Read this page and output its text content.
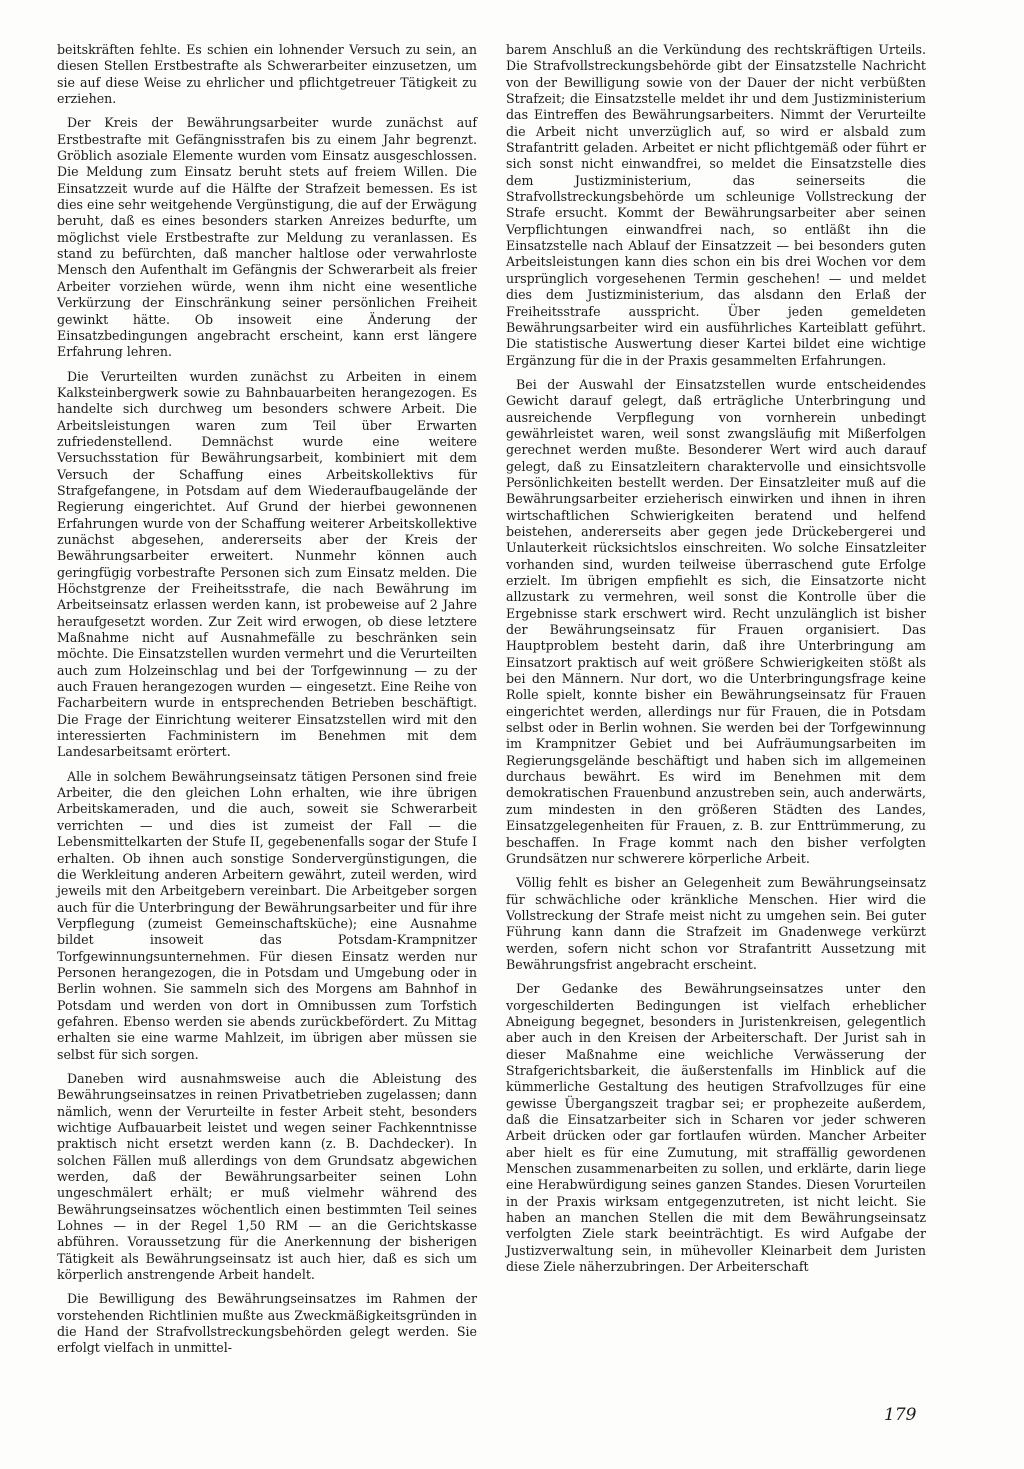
beitskräften fehlte. Es schien ein lohnender Versuch zu sein, an diesen Stellen Erstbestrafte als Schwerarbeiter einzusetzen, um sie auf diese Weise zu ehrlicher und pflichtgetreuer Tätigkeit zu erziehen.

Der Kreis der Bewährungsarbeiter wurde zunächst auf Erstbestrafte mit Gefängnisstrafen bis zu einem Jahr begrenzt. Gröblich asoziale Elemente wurden vom Einsatz ausgeschlossen. Die Meldung zum Einsatz beruht stets auf freiem Willen. Die Einsatzzeit wurde auf die Hälfte der Strafzeit bemessen. Es ist dies eine sehr weitgehende Vergünstigung, die auf der Erwägung beruht, daß es eines besonders starken Anreizes bedurfte, um möglichst viele Erstbestrafte zur Meldung zu veranlassen. Es stand zu befürchten, daß mancher haltlose oder verwahrloste Mensch den Aufenthalt im Gefängnis der Schwerarbeit als freier Arbeiter vorziehen würde, wenn ihm nicht eine wesentliche Verkürzung der Einschränkung seiner persönlichen Freiheit gewinkt hätte. Ob insoweit eine Änderung der Einsatzbedingungen angebracht erscheint, kann erst längere Erfahrung lehren.

Die Verurteilten wurden zunächst zu Arbeiten in einem Kalksteinbergwerk sowie zu Bahnbauarbeiten herangezogen. Es handelte sich durchweg um besonders schwere Arbeit. Die Arbeitsleistungen waren zum Teil über Erwarten zufriedenstellend. Demnächst wurde eine weitere Versuchsstation für Bewährungsarbeit, kombiniert mit dem Versuch der Schaffung eines Arbeitskollektivs für Strafgefangene, in Potsdam auf dem Wiederaufbaugelände der Regierung eingerichtet. Auf Grund der hierbei gewonnenen Erfahrungen wurde von der Schaffung weiterer Arbeitskollektive zunächst abgesehen, andererseits aber der Kreis der Bewährungsarbeiter erweitert. Nunmehr können auch geringfügig vorbestrafte Personen sich zum Einsatz melden. Die Höchstgrenze der Freiheitsstrafe, die nach Bewährung im Arbeitseinsatz erlassen werden kann, ist probeweise auf 2 Jahre heraufgesetzt worden. Zur Zeit wird erwogen, ob diese letztere Maßnahme nicht auf Ausnahmefälle zu beschränken sein möchte. Die Einsatzstellen wurden vermehrt und die Verurteilten auch zum Holzeinschlag und bei der Torfgewinnung — zu der auch Frauen herangezogen wurden — eingesetzt. Eine Reihe von Facharbeitern wurde in entsprechenden Betrieben beschäftigt. Die Frage der Einrichtung weiterer Einsatzstellen wird mit den interessierten Fachministern im Benehmen mit dem Landesarbeitsamt erörtert.

Alle in solchem Bewährungseinsatz tätigen Personen sind freie Arbeiter, die den gleichen Lohn erhalten, wie ihre übrigen Arbeitskameraden, und die auch, soweit sie Schwerarbeit verrichten — und dies ist zumeist der Fall — die Lebensmittelkarten der Stufe II, gegebenenfalls sogar der Stufe I erhalten. Ob ihnen auch sonstige Sondervergünstigungen, die die Werkleitung anderen Arbeitern gewährt, zuteil werden, wird jeweils mit den Arbeitgebern vereinbart. Die Arbeitgeber sorgen auch für die Unterbringung der Bewährungsarbeiter und für ihre Verpflegung (zumeist Gemeinschaftsküche); eine Ausnahme bildet insoweit das Potsdam-Krampnitzer Torfgewinnungsunternehmen. Für diesen Einsatz werden nur Personen herangezogen, die in Potsdam und Umgebung oder in Berlin wohnen. Sie sammeln sich des Morgens am Bahnhof in Potsdam und werden von dort in Omnibussen zum Torfstich gefahren. Ebenso werden sie abends zurückbefördert. Zu Mittag erhalten sie eine warme Mahlzeit, im übrigen aber müssen sie selbst für sich sorgen.

Daneben wird ausnahmsweise auch die Ableistung des Bewährungseinsatzes in reinen Privatbetrieben zugelassen; dann nämlich, wenn der Verurteilte in fester Arbeit steht, besonders wichtige Aufbauarbeit leistet und wegen seiner Fachkenntnisse praktisch nicht ersetzt werden kann (z. B. Dachdecker). In solchen Fällen muß allerdings von dem Grundsatz abgewichen werden, daß der Bewährungsarbeiter seinen Lohn ungeschmälert erhält; er muß vielmehr während des Bewährungseinsatzes wöchentlich einen bestimmten Teil seines Lohnes — in der Regel 1,50 RM — an die Gerichtskasse abführen. Voraussetzung für die Anerkennung der bisherigen Tätigkeit als Bewährungseinsatz ist auch hier, daß es sich um körperlich anstrengende Arbeit handelt.

Die Bewilligung des Bewährungseinsatzes im Rahmen der vorstehenden Richtlinien mußte aus Zweckmäßigkeitsgründen in die Hand der Strafvollstreckungsbehörden gelegt werden. Sie erfolgt vielfach in unmittel-

barem Anschluß an die Verkündung des rechtskräftigen Urteils. Die Strafvollstreckungsbehörde gibt der Einsatzstelle Nachricht von der Bewilligung sowie von der Dauer der nicht verbüßten Strafzeit; die Einsatzstelle meldet ihr und dem Justizministerium das Eintreffen des Bewährungsarbeiters. Nimmt der Verurteilte die Arbeit nicht unverzüglich auf, so wird er alsbald zum Strafantritt geladen. Arbeitet er nicht pflichtgemäß oder führt er sich sonst nicht einwandfrei, so meldet die Einsatzstelle dies dem Justizministerium, das seinerseits die Strafvollstreckungsbehörde um schleunige Vollstreckung der Strafe ersucht. Kommt der Bewährungsarbeiter aber seinen Verpflichtungen einwandfrei nach, so entläßt ihn die Einsatzstelle nach Ablauf der Einsatzzeit — bei besonders guten Arbeitsleistungen kann dies schon ein bis drei Wochen vor dem ursprünglich vorgesehenen Termin geschehen! — und meldet dies dem Justizministerium, das alsdann den Erlaß der Freiheitsstrafe ausspricht. Über jeden gemeldeten Bewährungsarbeiter wird ein ausführliches Karteiblatt geführt. Die statistische Auswertung dieser Kartei bildet eine wichtige Ergänzung für die in der Praxis gesammelten Erfahrungen.

Bei der Auswahl der Einsatzstellen wurde entscheidendes Gewicht darauf gelegt, daß erträgliche Unterbringung und ausreichende Verpflegung von vornherein unbedingt gewährleistet waren, weil sonst zwangsläufig mit Mißerfolgen gerechnet werden mußte. Besonderer Wert wird auch darauf gelegt, daß zu Einsatzleitern charaktervolle und einsichtsvolle Persönlichkeiten bestellt werden. Der Einsatzleiter muß auf die Bewährungsarbeiter erzieherisch einwirken und ihnen in ihren wirtschaftlichen Schwierigkeiten beratend und helfend beistehen, andererseits aber gegen jede Drückebergerei und Unlauterkeit rücksichtslos einschreiten. Wo solche Einsatzleiter vorhanden sind, wurden teilweise überraschend gute Erfolge erzielt. Im übrigen empfiehlt es sich, die Einsatzorte nicht allzustark zu vermehren, weil sonst die Kontrolle über die Ergebnisse stark erschwert wird. Recht unzulänglich ist bisher der Bewährungseinsatz für Frauen organisiert. Das Hauptproblem besteht darin, daß ihre Unterbringung am Einsatzort praktisch auf weit größere Schwierigkeiten stößt als bei den Männern. Nur dort, wo die Unterbringungsfrage keine Rolle spielt, konnte bisher ein Bewährungseinsatz für Frauen eingerichtet werden, allerdings nur für Frauen, die in Potsdam selbst oder in Berlin wohnen. Sie werden bei der Torfgewinnung im Krampnitzer Gebiet und bei Aufräumungsarbeiten im Regierungsgelände beschäftigt und haben sich im allgemeinen durchaus bewährt. Es wird im Benehmen mit dem demokratischen Frauenbund anzustreben sein, auch anderwärts, zum mindesten in den größeren Städten des Landes, Einsatzgelegenheiten für Frauen, z. B. zur Enttrümmerung, zu beschaffen. In Frage kommt nach den bisher verfolgten Grundsätzen nur schwerere körperliche Arbeit.

Völlig fehlt es bisher an Gelegenheit zum Bewährungseinsatz für schwächliche oder kränkliche Menschen. Hier wird die Vollstreckung der Strafe meist nicht zu umgehen sein. Bei guter Führung kann dann die Strafzeit im Gnadenwege verkürzt werden, sofern nicht schon vor Strafantritt Aussetzung mit Bewährungsfrist angebracht erscheint.

Der Gedanke des Bewährungseinsatzes unter den vorgeschilderten Bedingungen ist vielfach erheblicher Abneigung begegnet, besonders in Juristenkreisen, gelegentlich aber auch in den Kreisen der Arbeiterschaft. Der Jurist sah in dieser Maßnahme eine weichliche Verwässerung der Strafgerichtsbarkeit, die äußerstenfalls im Hinblick auf die kümmerliche Gestaltung des heutigen Strafvollzuges für eine gewisse Übergangszeit tragbar sei; er prophezeite außerdem, daß die Einsatzarbeiter sich in Scharen vor jeder schweren Arbeit drücken oder gar fortlaufen würden. Mancher Arbeiter aber hielt es für eine Zumutung, mit straffällig gewordenen Menschen zusammenarbeiten zu sollen, und erklärte, darin liege eine Herabwürdigung seines ganzen Standes. Diesen Vorurteilen in der Praxis wirksam entgegenzutreten, ist nicht leicht. Sie haben an manchen Stellen die mit dem Bewährungseinsatz verfolgten Ziele stark beeinträchtigt. Es wird Aufgabe der Justizverwaltung sein, in mühevoller Kleinarbeit dem Juristen diese Ziele näherzubringen. Der Arbeiterschaft

179
